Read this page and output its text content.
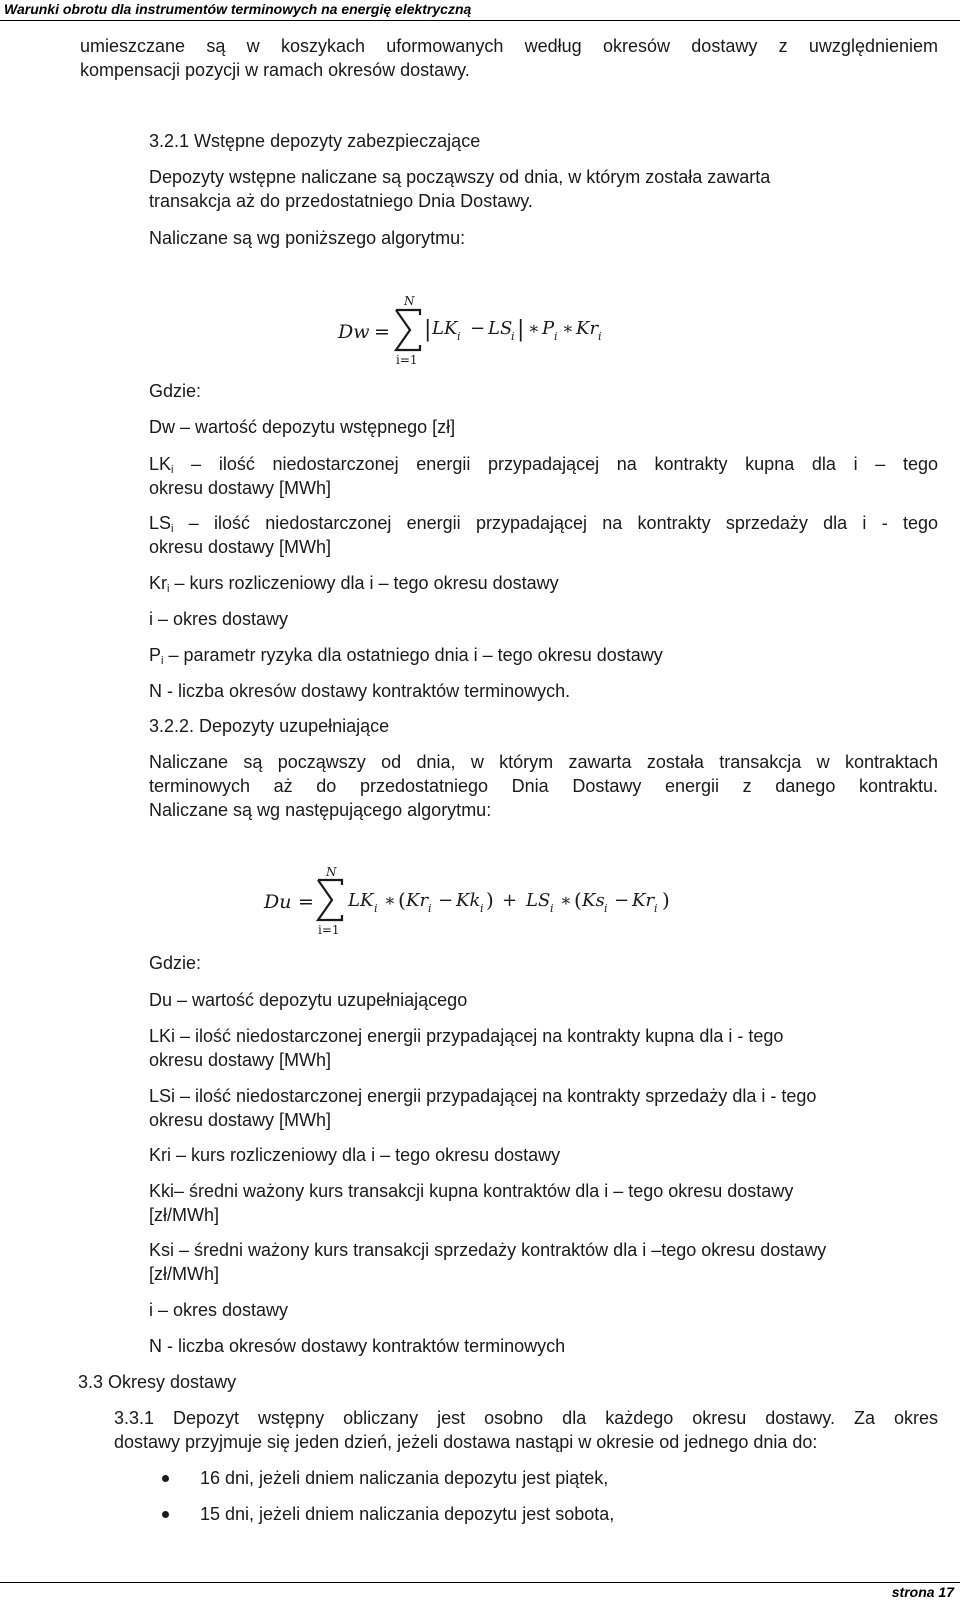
Warunki obrotu dla instrumentów terminowych na energię elektryczną

umieszczane są w koszykach uformowanych według okresów dostawy z uwzględnieniem

kompensacji pozycji w ramach okresów dostawy.

3.2.1 Wstępne depozyty zabezpieczające

Depozyty wstępne naliczane są począwszy od dnia, w którym została zawarta

transakcja aż do przedostatniego Dnia Dostawy.

Naliczane są wg poniższego algorytmu:

Dw =
N
i=1
| LK i − LS
i | ∗ P i ∗ Kr i

Gdzie:

Dw – wartość depozytu wstępnego [zł]

$LK_i$ – ilość niedostarczonej energii przypadającej na kontrakty kupna dla i – tego

okresu dostawy [MWh]

$LS_i$ – ilość niedostarczonej energii przypadającej na kontrakty sprzedaży dla i - tego

okresu dostawy [MWh]

$Kr_i$ – kurs rozliczeniowy dla i – tego okresu dostawy

i – okres dostawy

$P_i$ – parametr ryzyka dla ostatniego dnia i – tego okresu dostawy

N - liczba okresów dostawy kontraktów terminowych.

3.2.2. Depozyty uzupełniające

Naliczane są począwszy od dnia, w którym zawarta została transakcja w kontraktach

terminowych aż do przedostatniego Dnia Dostawy energii z danego kontraktu.

Naliczane są wg następującego algorytmu:

Du =
N
i=1
LK i ∗ ( Kr i − Kk i ) + LS i ∗ ( Ks i − Kr i )

Gdzie:

Du – wartość depozytu uzupełniającego

LKi – ilość niedostarczonej energii przypadającej na kontrakty kupna dla i - tego

okresu dostawy [MWh]

LSi – ilość niedostarczonej energii przypadającej na kontrakty sprzedaży dla i - tego

okresu dostawy [MWh]

Kri – kurs rozliczeniowy dla i – tego okresu dostawy

Kki– średni ważony kurs transakcji kupna kontraktów dla i – tego okresu dostawy

[zł/MWh]

Ksi – średni ważony kurs transakcji sprzedaży kontraktów dla i –tego okresu dostawy

[zł/MWh]

i – okres dostawy

N - liczba okresów dostawy kontraktów terminowych

3.3 Okresy dostawy

3.3.1 Depozyt wstępny obliczany jest osobno dla każdego okresu dostawy. Za okres

dostawy przyjmuje się jeden dzień, jeżeli dostawa nastąpi w okresie od jednego dnia do:

16 dni, jeżeli dniem naliczania depozytu jest piątek,

15 dni, jeżeli dniem naliczania depozytu jest sobota,

strona 17
